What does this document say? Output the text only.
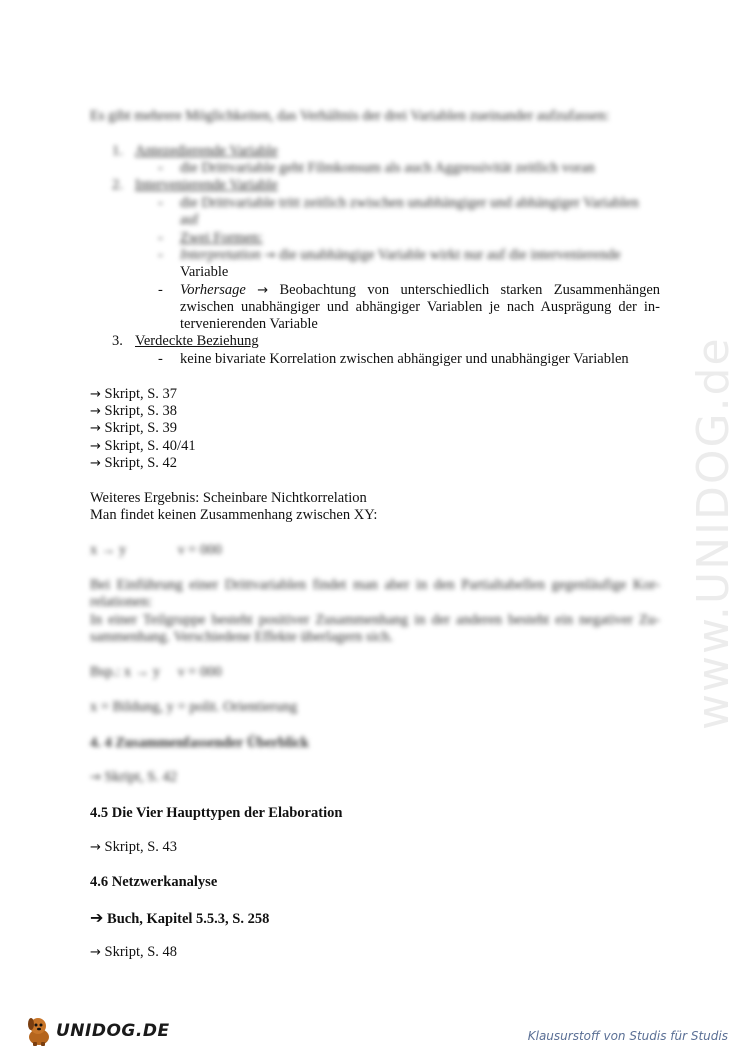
www.UNIDOG.de
Es gibt mehrere Möglichkeiten, das Verhältnis der drei Variablen zueinander aufzufassen:
1. Antezedierende Variable
- die Drittvariable geht Filmkonsum als auch Aggressivität zeitlich voran
2. Intervenierende Variable
- die Drittvariable tritt zeitlich zwischen unabhängiger und abhängiger Variablen
auf
- Zwei Formen:
- Interpretation → die unabhängige Variable wirkt nur auf die intervenierende
Variable
- Vorhersage → Beobachtung von unterschiedlich starken Zusammenhängen
zwischen unabhängiger und abhängiger Variablen je nach Ausprägung der in-
tervenierenden Variable
3. Verdeckte Beziehung
- keine bivariate Korrelation zwischen abhängiger und unabhängiger Variablen
→ Skript, S. 37
→ Skript, S. 38
→ Skript, S. 39
→ Skript, S. 40/41
→ Skript, S. 42
Weiteres Ergebnis: Scheinbare Nichtkorrelation
Man findet keinen Zusammenhang zwischen XY:
x → y	ν = 000
Bei Einführung einer Drittvariablen findet man aber in den Partialtabellen gegenläufige Kor-
relationen:
In einer Teilgruppe besteht positiver Zusammenhang in der anderen besteht ein negativer Zu-
sammenhang. Verschiedene Effekte überlagern sich.
Bsp.: x → y ν = 000
x = Bildung, y = polit. Orientierung
4. 4 Zusammenfassender Überblick
→ Skript, S. 42
4.5 Die Vier Haupttypen der Elaboration
→ Skript, S. 43
4.6 Netzwerkanalyse
➔ Buch, Kapitel 5.5.3, S. 258
→ Skript, S. 48
UNIDOG.DE	Klausurstoff von Studis für Studis
